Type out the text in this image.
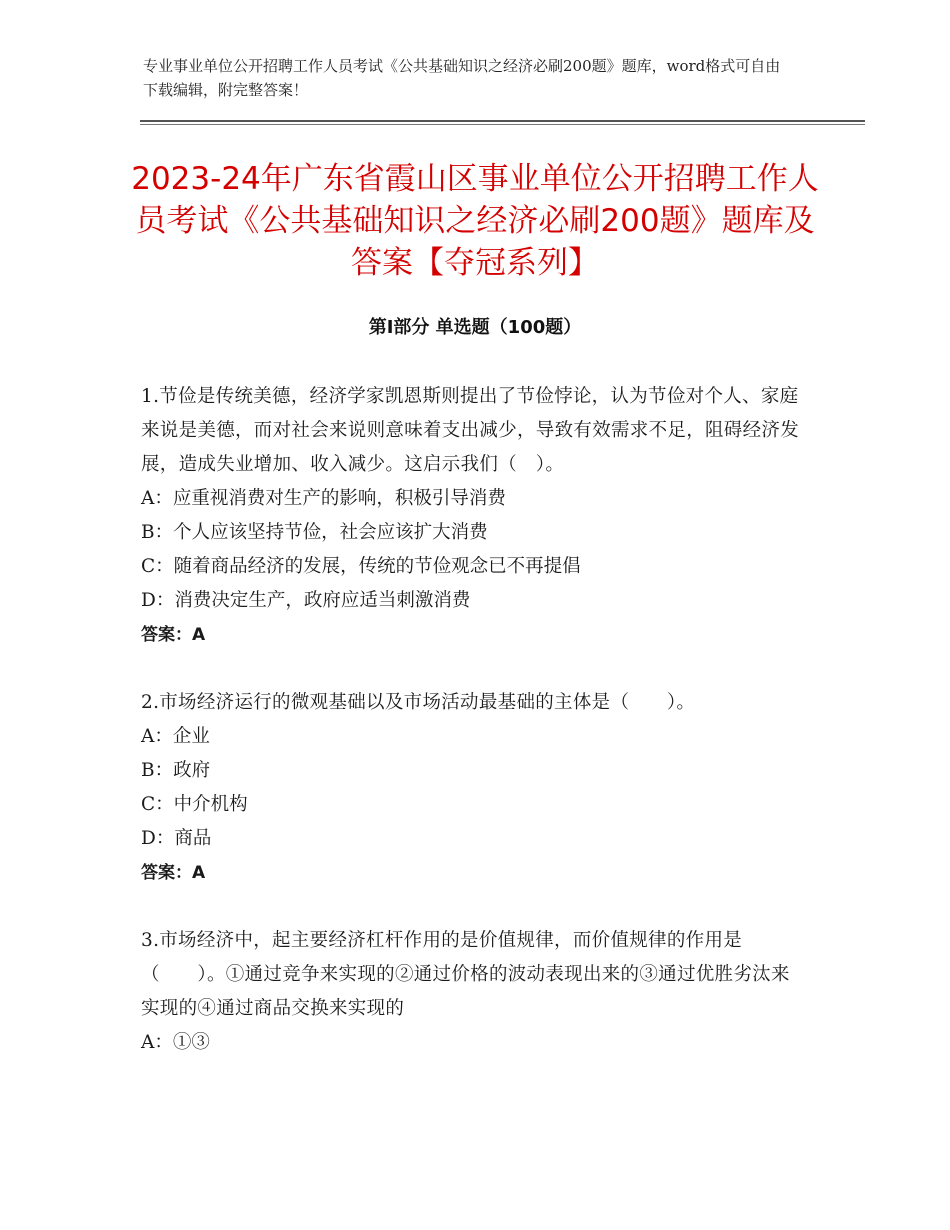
专业事业单位公开招聘工作人员考试《公共基础知识之经济必刷200题》题库，word格式可自由下载编辑，附完整答案！
2023-24年广东省霞山区事业单位公开招聘工作人员考试《公共基础知识之经济必刷200题》题库及答案【夺冠系列】
第Ⅰ部分 单选题（100题）

1.节俭是传统美德，经济学家凯恩斯则提出了节俭悖论，认为节俭对个人、家庭来说是美德，而对社会来说则意味着支出减少，导致有效需求不足，阻碍经济发展，造成失业增加、收入减少。这启示我们（　）。

A：应重视消费对生产的影响，积极引导消费

B：个人应该坚持节俭，社会应该扩大消费

C：随着商品经济的发展，传统的节俭观念已不再提倡

D：消费决定生产，政府应适当刺激消费

答案：A

2.市场经济运行的微观基础以及市场活动最基础的主体是（　　）。

A：企业

B：政府

C：中介机构

D：商品

答案：A

3.市场经济中，起主要经济杠杆作用的是价值规律，而价值规律的作用是（　　）。①通过竞争来实现的②通过价格的波动表现出来的③通过优胜劣汰来实现的④通过商品交换来实现的

A：①③
